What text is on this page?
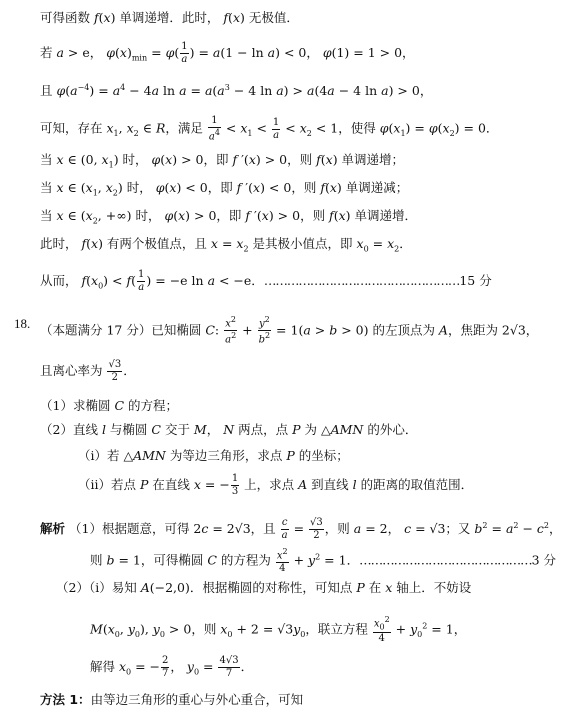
可得函数 f(x) 单调递增．此时， f(x) 无极值．
若 a > e， $\varphi(x)_{min} = \varphi( \frac{1}{a}$ ) = a(1 − ln a) < 0， φ(1) = 1 > 0，
且 $\varphi(a^{-4}) = a^4 - 4a$ $\ln a = a(a^3 - 4$ ln a) > a(4a − 4 ln a) > 0，
可知，存在 $x_1$, $x_2$ ∈ R，满足 $\frac{1}{a^4} < x_1 < \frac{1}{a} < x_2 < 1$，使得 $\varphi(x_1) = \varphi(x_2) = 0$．
当 x ∈ (0, $x_1$) 时， φ(x) > 0，即 f ′(x) > 0，则 f(x) 单调递增；
当 x ∈ ($x_1$, $x_2$) 时， φ(x) < 0，即 f ′(x) < 0，则 f(x) 单调递减；
当 x ∈ ($x_2$, +∞) 时， φ(x) > 0，即 f ′(x) > 0，则 f(x) 单调递增．
此时， f(x) 有两个极值点，且 $x = x_2$ 是其极小值点，即 $x_0 = x_2$．
从而， $f(x_0) < f( \frac{1}{a}$ ) = −e ln a < −e．……………………………………………15 分
18. （本题满分 17 分）已知椭圆 C: $\frac{x^2}{a^2} + \frac{y^2}{b^2} = 1(a > b > 0)$ 的左顶点为 A，焦距为 2√3，
且离心率为 $\frac{√3}{2}$ ．
（1）求椭圆 C 的方程；
（2）直线 l 与椭圆 C 交于 M， N 两点，点 P 为 △AMN 的外心．
（i）若 △AMN 为等边三角形，求点 P 的坐标；
（ii）若点 P 在直线 x = − $\frac{1}{3}$ 上，求点 A 到直线 l 的距离的取值范围．
解析 （1）根据题意，可得 2c = 2√3，且 $\frac{c}{a} = \frac{√3}{2}$ ，则 a = 2， c = √3；又 $b^2 = a^2 - c^2$，
则 b = 1，可得椭圆 C 的方程为 $\frac{x^2}{4} + y^2 = 1$．………………………………………3 分
（2）（i）易知 A(−2,0)．根据椭圆的对称性，可知点 P 在 x 轴上．不妨设
$M(x_0$, $y_0$), $y_0 > 0$，则 $x_0 + 2 = √3y_0$，联立方程 $\frac{x_0^2}{4} + y_0^2 = 1$，
解得 $x_0$ = − $\frac{2}{7}$ ， $y_0 = \frac{4√3}{7}$ ．
方法 1：由等边三角形的重心与外心重合，可知
